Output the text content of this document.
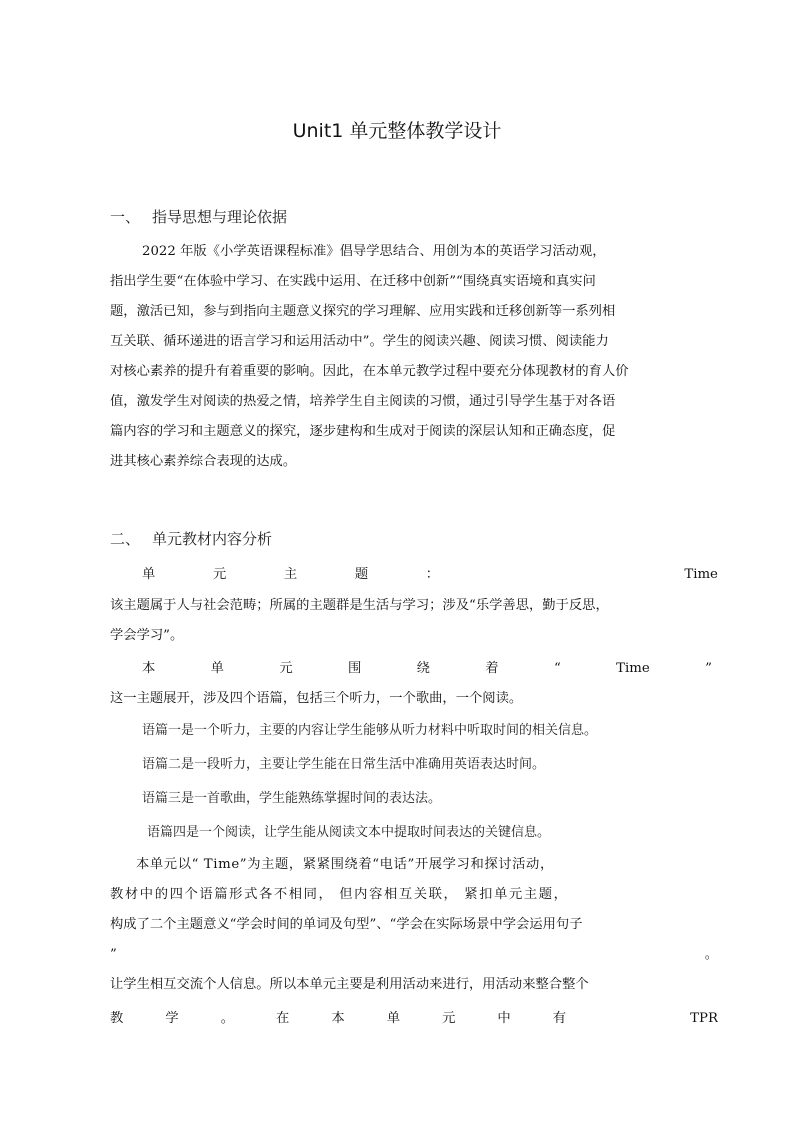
Unit1 单元整体教学设计
一、 指导思想与理论依据
2022 年版《小学英语课程标准》倡导学思结合、用创为本的英语学习活动观，
指出学生要“在体验中学习、在实践中运用、在迁移中创新”“围绕真实语境和真实问
题，激活已知，参与到指向主题意义探究的学习理解、应用实践和迁移创新等一系列相
互关联、循环递进的语言学习和运用活动中”。学生的阅读兴趣、阅读习惯、阅读能力
对核心素养的提升有着重要的影响。因此，在本单元教学过程中要充分体现教材的育人价
值，激发学生对阅读的热爱之情，培养学生自主阅读的习惯，通过引导学生基于对各语
篇内容的学习和主题意义的探究，逐步建构和生成对于阅读的深层认知和正确态度，促
进其核心素养综合表现的达成。
二、 单元教材内容分析
单	元	主	题	：	Time
该主题属于人与社会范畴；所属的主题群是生活与学习；涉及“乐学善思，勤于反思，
学会学习”。
本	单	元	围	绕	着	“	Time	”
这一主题展开，涉及四个语篇，包括三个听力，一个歌曲，一个阅读。
语篇一是一个听力，主要的内容让学生能够从听力材料中听取时间的相关信息。
语篇二是一段听力，主要让学生能在日常生活中准确用英语表达时间。
语篇三是一首歌曲，学生能熟练掌握时间的表达法。
语篇四是一个阅读，让学生能从阅读文本中提取时间表达的关键信息。
本单元以“ Time”为主题，紧紧围绕着“电话”开展学习和探讨活动，
教材中的四个语篇形式各不相同， 但内容相互关联， 紧扣单元主题，
构成了二个主题意义“学会时间的单词及句型”、“学会在实际场景中学会运用句子
”	。
让学生相互交流个人信息。所以本单元主要是利用活动来进行，用活动来整合整个
教	学	。	在	本	单	元	中	有	TPR
